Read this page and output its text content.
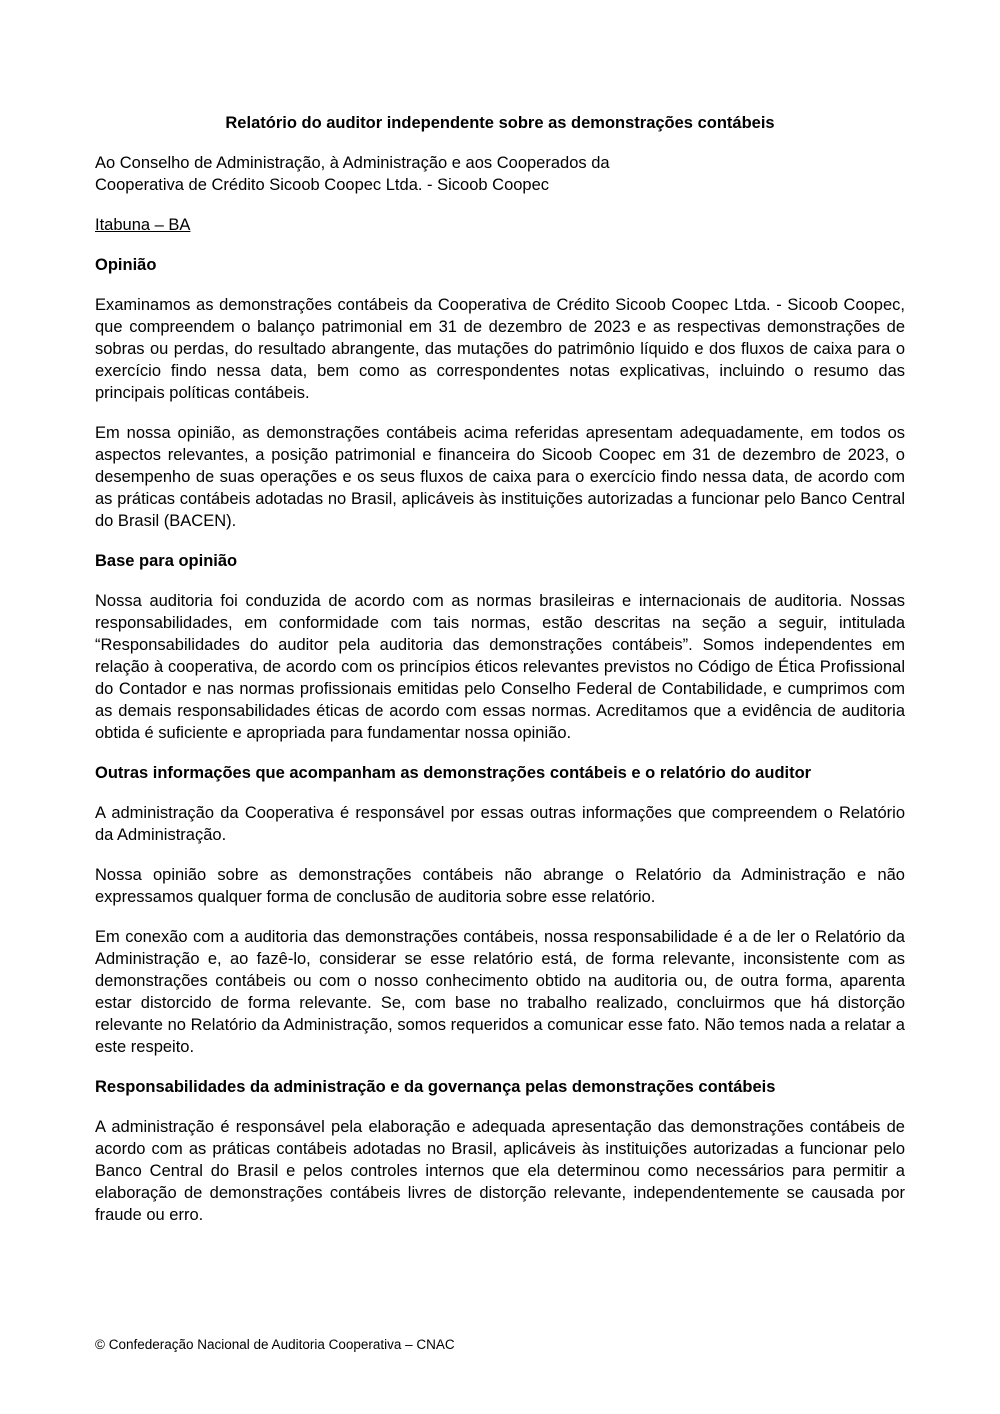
Relatório do auditor independente sobre as demonstrações contábeis
Ao Conselho de Administração, à Administração e aos Cooperados da
Cooperativa de Crédito Sicoob Coopec Ltda. - Sicoob Coopec
Itabuna – BA
Opinião

Examinamos as demonstrações contábeis da Cooperativa de Crédito Sicoob Coopec Ltda. - Sicoob Coopec, que compreendem o balanço patrimonial em 31 de dezembro de 2023 e as respectivas demonstrações de sobras ou perdas, do resultado abrangente, das mutações do patrimônio líquido e dos fluxos de caixa para o exercício findo nessa data, bem como as correspondentes notas explicativas, incluindo o resumo das principais políticas contábeis.

Em nossa opinião, as demonstrações contábeis acima referidas apresentam adequadamente, em todos os aspectos relevantes, a posição patrimonial e financeira do Sicoob Coopec em 31 de dezembro de 2023, o desempenho de suas operações e os seus fluxos de caixa para o exercício findo nessa data, de acordo com as práticas contábeis adotadas no Brasil, aplicáveis às instituições autorizadas a funcionar pelo Banco Central do Brasil (BACEN).

Base para opinião

Nossa auditoria foi conduzida de acordo com as normas brasileiras e internacionais de auditoria. Nossas responsabilidades, em conformidade com tais normas, estão descritas na seção a seguir, intitulada “Responsabilidades do auditor pela auditoria das demonstrações contábeis”. Somos independentes em relação à cooperativa, de acordo com os princípios éticos relevantes previstos no Código de Ética Profissional do Contador e nas normas profissionais emitidas pelo Conselho Federal de Contabilidade, e cumprimos com as demais responsabilidades éticas de acordo com essas normas. Acreditamos que a evidência de auditoria obtida é suficiente e apropriada para fundamentar nossa opinião.

Outras informações que acompanham as demonstrações contábeis e o relatório do auditor

A administração da Cooperativa é responsável por essas outras informações que compreendem o Relatório da Administração.

Nossa opinião sobre as demonstrações contábeis não abrange o Relatório da Administração e não expressamos qualquer forma de conclusão de auditoria sobre esse relatório.

Em conexão com a auditoria das demonstrações contábeis, nossa responsabilidade é a de ler o Relatório da Administração e, ao fazê-lo, considerar se esse relatório está, de forma relevante, inconsistente com as demonstrações contábeis ou com o nosso conhecimento obtido na auditoria ou, de outra forma, aparenta estar distorcido de forma relevante. Se, com base no trabalho realizado, concluirmos que há distorção relevante no Relatório da Administração, somos requeridos a comunicar esse fato. Não temos nada a relatar a este respeito.

Responsabilidades da administração e da governança pelas demonstrações contábeis

A administração é responsável pela elaboração e adequada apresentação das demonstrações contábeis de acordo com as práticas contábeis adotadas no Brasil, aplicáveis às instituições autorizadas a funcionar pelo Banco Central do Brasil e pelos controles internos que ela determinou como necessários para permitir a elaboração de demonstrações contábeis livres de distorção relevante, independentemente se causada por fraude ou erro.

© Confederação Nacional de Auditoria Cooperativa – CNAC
